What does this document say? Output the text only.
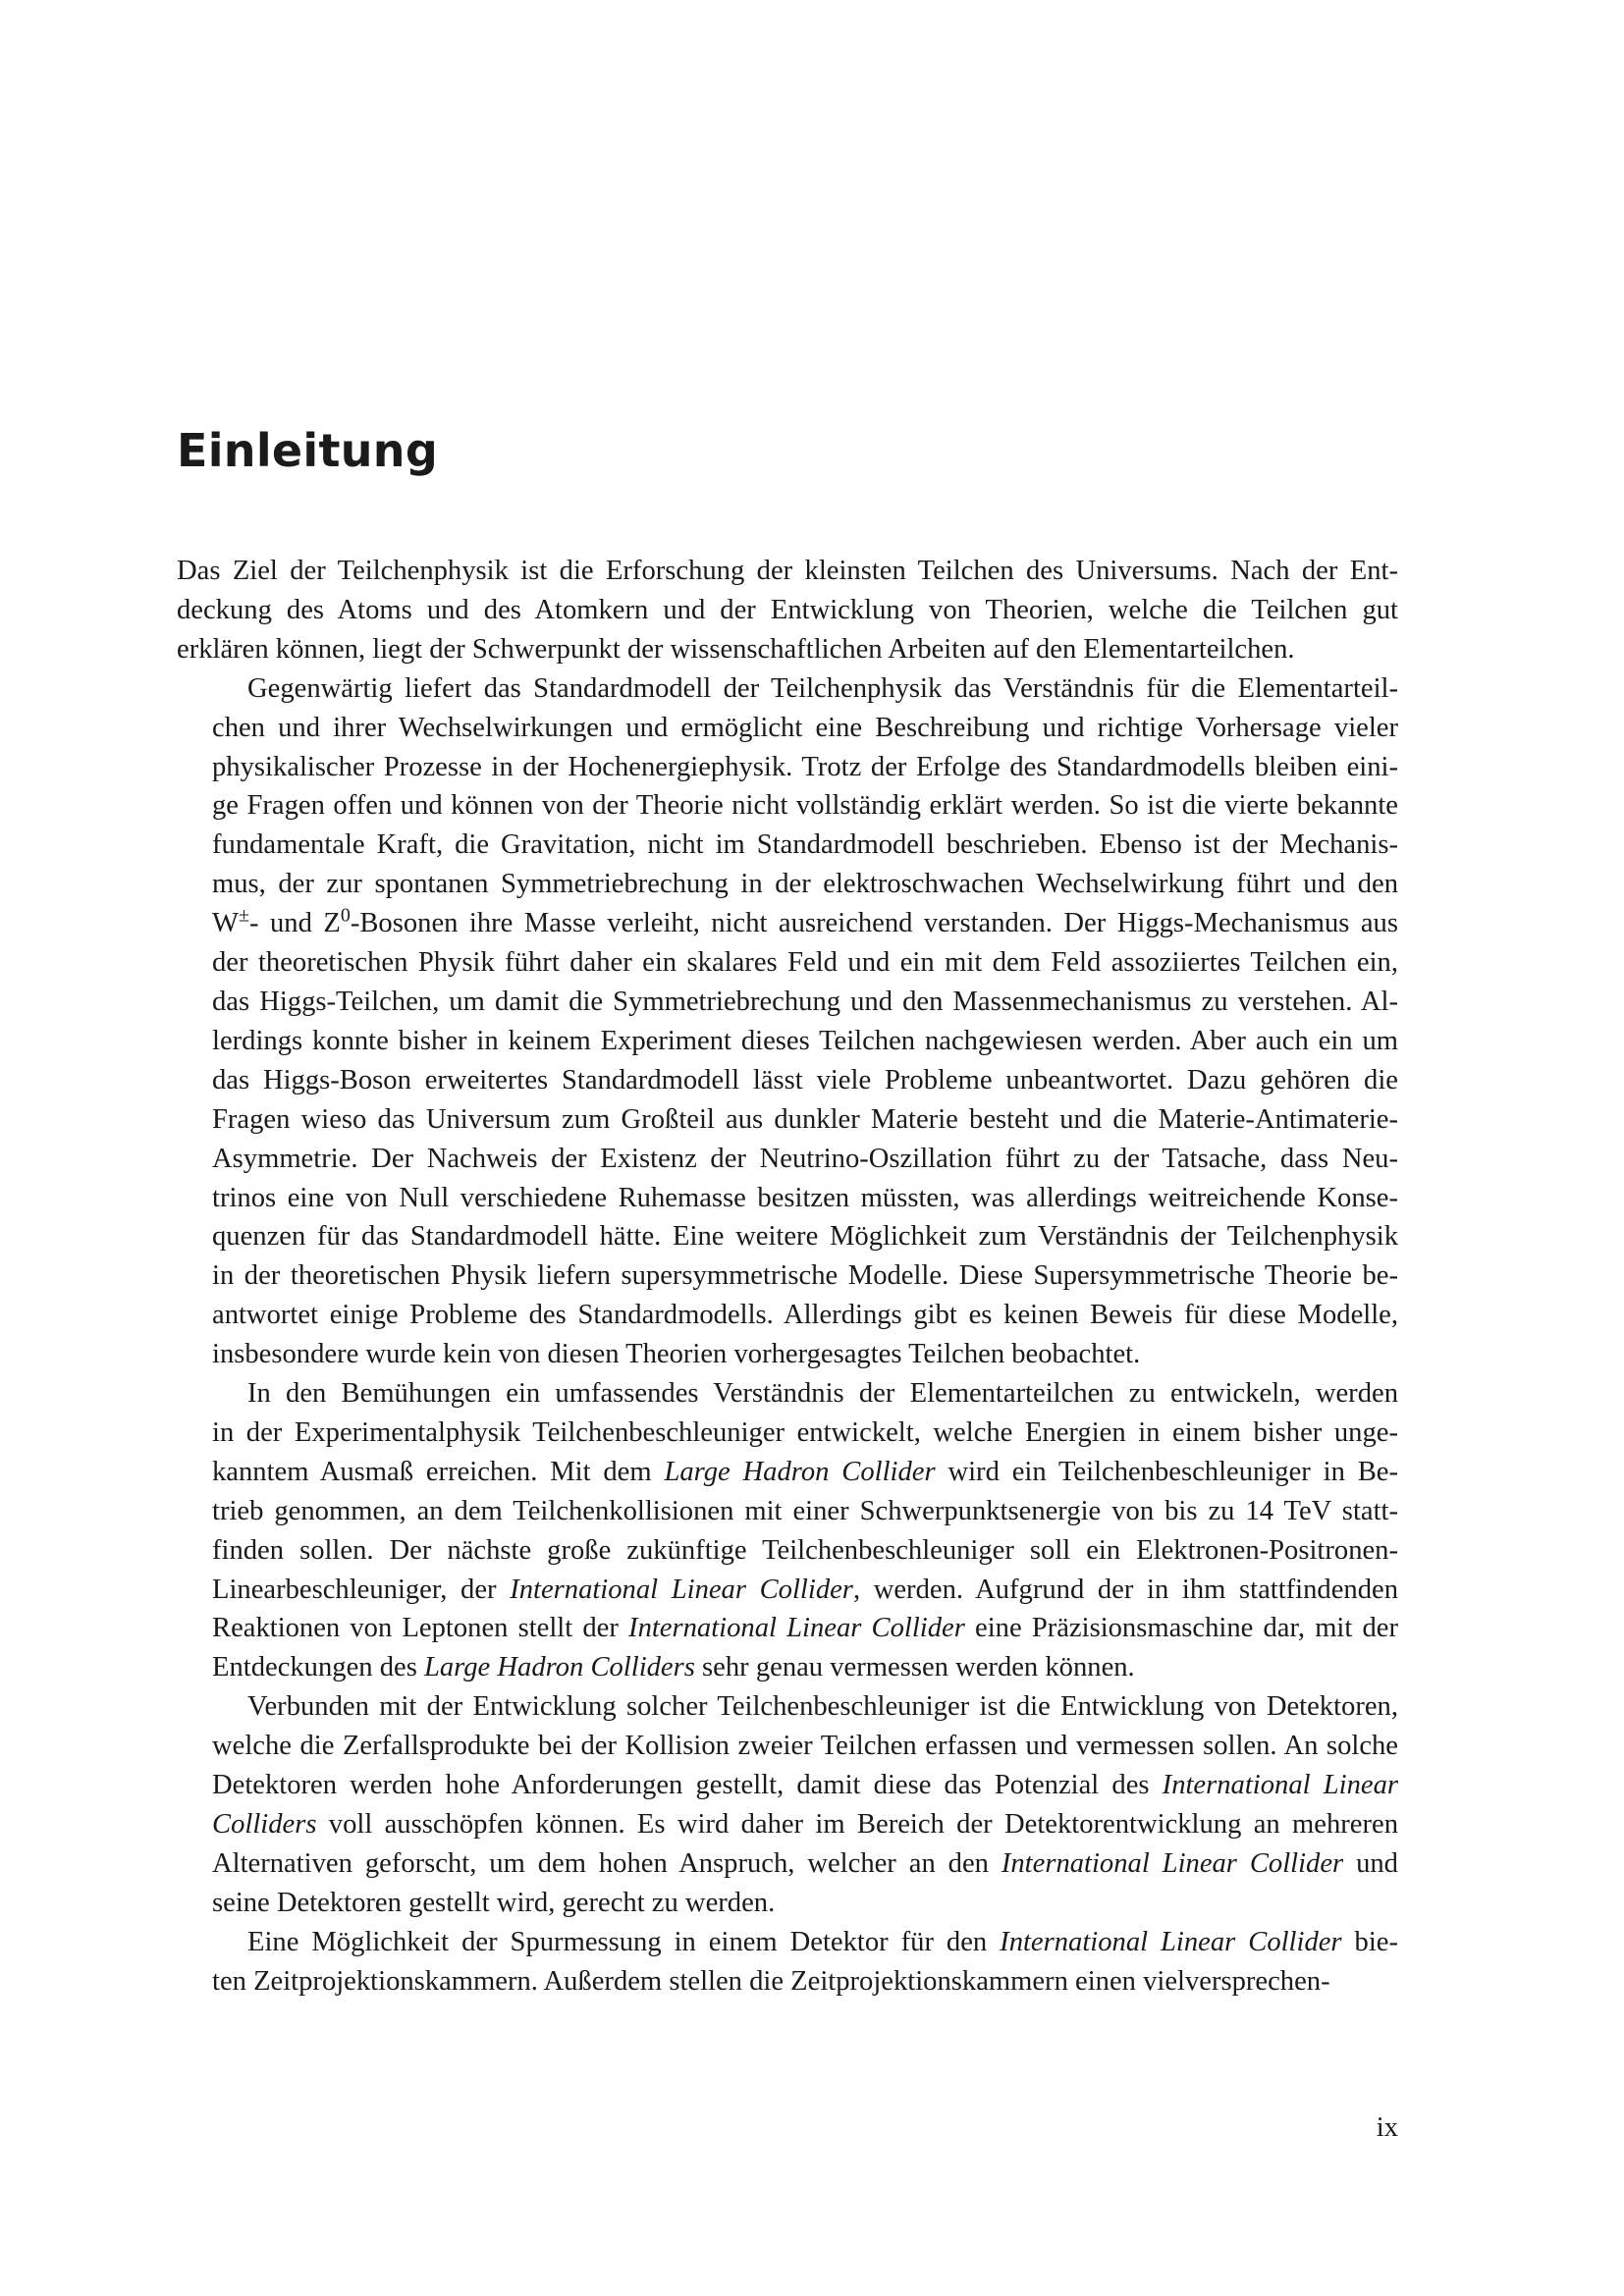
Einleitung

Das Ziel der Teilchenphysik ist die Erforschung der kleinsten Teilchen des Universums. Nach der Ent-
deckung des Atoms und des Atomkern und der Entwicklung von Theorien, welche die Teilchen gut
erklären können, liegt der Schwerpunkt der wissenschaftlichen Arbeiten auf den Elementarteilchen.

Gegenwärtig liefert das Standardmodell der Teilchenphysik das Verständnis für die Elementarteil-
chen und ihrer Wechselwirkungen und ermöglicht eine Beschreibung und richtige Vorhersage vieler
physikalischer Prozesse in der Hochenergiephysik. Trotz der Erfolge des Standardmodells bleiben eini-
ge Fragen offen und können von der Theorie nicht vollständig erklärt werden. So ist die vierte bekannte
fundamentale Kraft, die Gravitation, nicht im Standardmodell beschrieben. Ebenso ist der Mechanis-
mus, der zur spontanen Symmetriebrechung in der elektroschwachen Wechselwirkung führt und den
W±- und $Z^0$-Bosonen ihre Masse verleiht, nicht ausreichend verstanden. Der Higgs-Mechanismus aus
der theoretischen Physik führt daher ein skalares Feld und ein mit dem Feld assoziiertes Teilchen ein,
das Higgs-Teilchen, um damit die Symmetriebrechung und den Massenmechanismus zu verstehen. Al-
lerdings konnte bisher in keinem Experiment dieses Teilchen nachgewiesen werden. Aber auch ein um
das Higgs-Boson erweitertes Standardmodell lässt viele Probleme unbeantwortet. Dazu gehören die
Fragen wieso das Universum zum Großteil aus dunkler Materie besteht und die Materie-Antimaterie-
Asymmetrie. Der Nachweis der Existenz der Neutrino-Oszillation führt zu der Tatsache, dass Neu-
trinos eine von Null verschiedene Ruhemasse besitzen müssten, was allerdings weitreichende Konse-
quenzen für das Standardmodell hätte. Eine weitere Möglichkeit zum Verständnis der Teilchenphysik
in der theoretischen Physik liefern supersymmetrische Modelle. Diese Supersymmetrische Theorie be-
antwortet einige Probleme des Standardmodells. Allerdings gibt es keinen Beweis für diese Modelle,
insbesondere wurde kein von diesen Theorien vorhergesagtes Teilchen beobachtet.

In den Bemühungen ein umfassendes Verständnis der Elementarteilchen zu entwickeln, werden
in der Experimentalphysik Teilchenbeschleuniger entwickelt, welche Energien in einem bisher unge-
kanntem Ausmaß erreichen. Mit dem Large Hadron Collider wird ein Teilchenbeschleuniger in Be-
trieb genommen, an dem Teilchenkollisionen mit einer Schwerpunktsenergie von bis zu 14 TeV statt-
finden sollen. Der nächste große zukünftige Teilchenbeschleuniger soll ein Elektronen-Positronen-
Linearbeschleuniger, der International Linear Collider, werden. Aufgrund der in ihm stattfindenden
Reaktionen von Leptonen stellt der International Linear Collider eine Präzisionsmaschine dar, mit der
Entdeckungen des Large Hadron Colliders sehr genau vermessen werden können.

Verbunden mit der Entwicklung solcher Teilchenbeschleuniger ist die Entwicklung von Detektoren,
welche die Zerfallsprodukte bei der Kollision zweier Teilchen erfassen und vermessen sollen. An solche
Detektoren werden hohe Anforderungen gestellt, damit diese das Potenzial des International Linear
Colliders voll ausschöpfen können. Es wird daher im Bereich der Detektorentwicklung an mehreren
Alternativen geforscht, um dem hohen Anspruch, welcher an den International Linear Collider und
seine Detektoren gestellt wird, gerecht zu werden.

Eine Möglichkeit der Spurmessung in einem Detektor für den International Linear Collider bie-
ten Zeitprojektionskammern. Außerdem stellen die Zeitprojektionskammern einen vielversprechen-

ix
